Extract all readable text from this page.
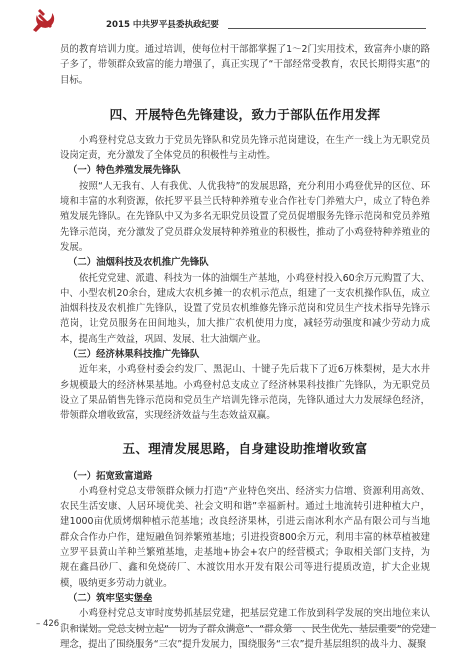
2015 中共罗平县委执政纪要

员的教育培训力度。通过培训，使每位村干部都掌握了1～2门实用技术，致富奔小康的路子多了，带领群众致富的能力增强了，真正实现了“干部经常受教育，农民长期得实惠”的目标。

四、开展特色先锋建设，致力于部队伍作用发挥

小鸡登村党总支致力于党员先锋队和党员先锋示范岗建设，在生产一线上为无职党员设岗定责，充分激发了全体党员的积极性与主动性。

（一）特色养殖发展先锋队

按照“人无我有、人有我优、人优我特”的发展思路，充分利用小鸡登优异的区位、环境和丰富的水利资源，依托罗平县兰氏特种养殖专业合作社专门养殖大户，成立了特色养殖发展先锋队。在先锋队中又为多名无职党员设置了党员促增服务先锋示范岗和党员养殖先锋示范岗，充分激发了党员群众发展特种养殖业的积极性，推动了小鸡登特种养殖业的发展。

（二）油烟科技及农机推广先锋队

依托党党建、派遣、科技为一体的油烟生产基地，小鸡登村投入60余万元购置了大、中、小型农机20余台，建成大农机乡摊一的农机示范点，组建了一支农机操作队伍，成立油烟科技及农机推广先锋队，设置了党员农机维修先锋示范岗和党员生产技术指导先锋示范岗，让党员服务在田间地头，加大推广农机使用力度，减轻劳动强度和减少劳动力成本，提高生产效益，巩固、发展、壮大油烟产业。

（三）经济林果科技推广先锋队

近年来，小鸡登村委会约发厂、黑泥山、十键子先后栽下了近6万株梨树，是大水井乡规模最大的经济林果基地。小鸡登村总支成立了经济林果科技推广先锋队，为无职党员设立了果品销售先锋示范岗和党员生产培训先锋示范岗，先锋队通过大力发展绿色经济，带领群众增收致富，实现经济效益与生态效益双赢。

五、理清发展思路，自身建设助推增收致富
（一）拓宽致富道路

小鸡登村党总支带领群众倾力打造“产业特色突出、经济实力信增、资源利用高效、农民生活安康、人居环境优美、社会文明和谐”幸福新村。通过土地流转引进种植大户，建1000亩优质烤烟种植示范基地；改良经济果林，引进云南冰利水产品有限公司与当地群众合作办户作，建短融鱼饲养繁殖基地；引进投资800余万元，利用丰富的林草植被建立罗平县黄山羊种兰繁殖基地，走基地+协会+农户的经营模式；争取相关部门支持，为规在鑫昌砂厂、鑫和免烧砖厂、木渡饮用水开发有限公司等进行提质改造，扩大企业规模，吸纳更多劳动力就业。

（二）筑牢坚实堡垒

小鸡登村党总支审时度势抓基层党建，把基层党建工作放到科学发展的突出地位来认识和谋划。党总支树立起“一切为了群众满意”、“群众第一、民生优先、基层重要”的党建理念，提出了围绕服务“三农”提升发展力，围绕服务“三农”提升基层组织的战斗力、凝聚

– 426 –
